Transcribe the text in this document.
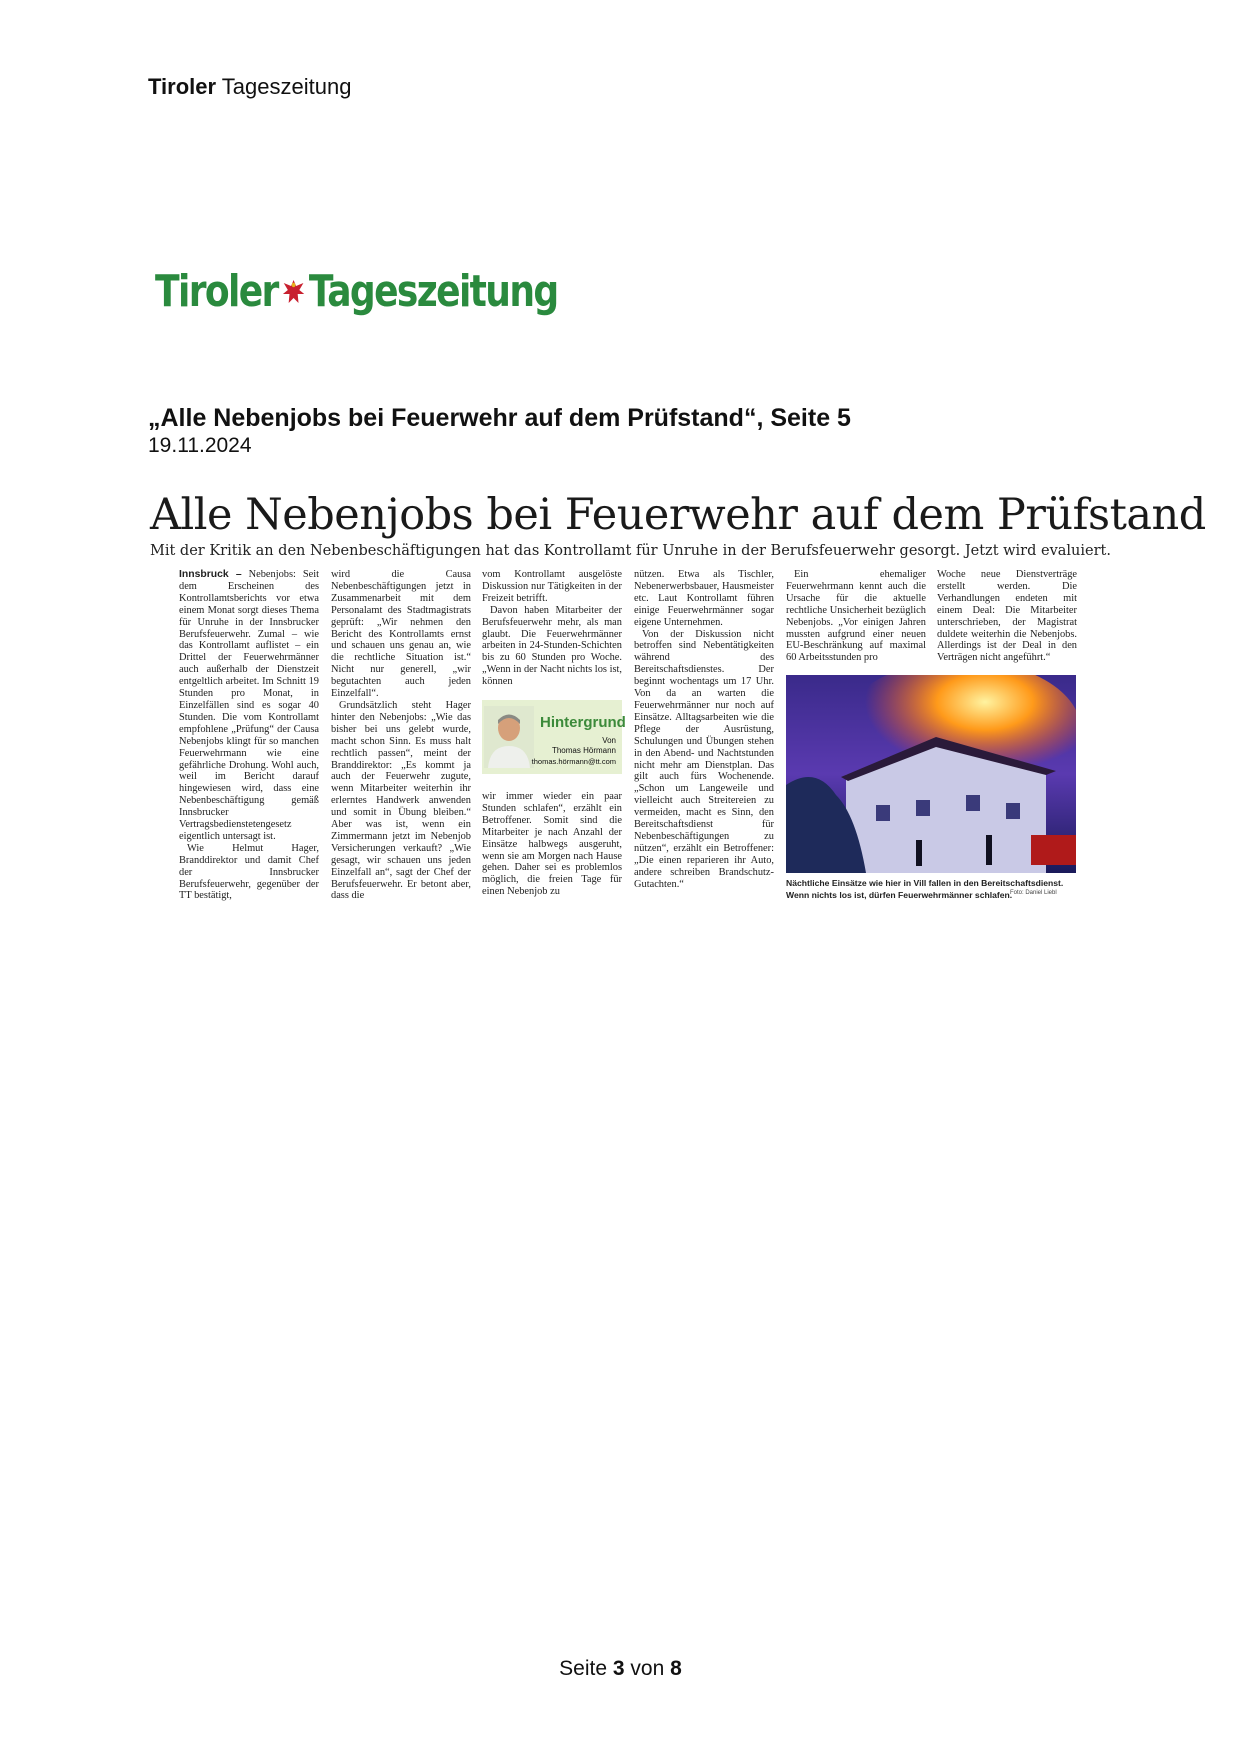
Tiroler Tageszeitung
Tiroler Tageszeitung
„Alle Nebenjobs bei Feuerwehr auf dem Prüfstand“, Seite 5
19.11.2024
Alle Nebenjobs bei Feuerwehr auf dem Prüfstand
Mit der Kritik an den Nebenbeschäftigungen hat das Kontrollamt für Unruhe in der Berufsfeuerwehr gesorgt. Jetzt wird evaluiert.

Innsbruck – Nebenjobs: Seit dem Erscheinen des Kontrollamtsberichts vor etwa einem Monat sorgt dieses Thema für Unruhe in der Innsbrucker Berufsfeuerwehr. Zumal – wie das Kontrollamt auflistet – ein Drittel der Feuerwehrmänner auch außerhalb der Dienstzeit entgeltlich arbeitet. Im Schnitt 19 Stunden pro Monat, in Einzelfällen sind es sogar 40 Stunden. Die vom Kontrollamt empfohlene „Prüfung“ der Causa Nebenjobs klingt für so manchen Feuerwehrmann wie eine gefährliche Drohung. Wohl auch, weil im Bericht darauf hingewiesen wird, dass eine Nebenbeschäftigung gemäß Innsbrucker Vertragsbedienstetengesetz eigentlich untersagt ist.

Wie Helmut Hager, Branddirektor und damit Chef der Innsbrucker Berufsfeuerwehr, gegenüber der TT bestätigt,

wird die Causa Nebenbeschäftigungen jetzt in Zusammenarbeit mit dem Personalamt des Stadtmagistrats geprüft: „Wir nehmen den Bericht des Kontrollamts ernst und schauen uns genau an, wie die rechtliche Situation ist.“ Nicht nur generell, „wir begutachten auch jeden Einzelfall“.

Grundsätzlich steht Hager hinter den Nebenjobs: „Wie das bisher bei uns gelebt wurde, macht schon Sinn. Es muss halt rechtlich passen“, meint der Branddirektor: „Es kommt ja auch der Feuerwehr zugute, wenn Mitarbeiter weiterhin ihr erlerntes Handwerk anwenden und somit in Übung bleiben.“ Aber was ist, wenn ein Zimmermann jetzt im Nebenjob Versicherungen verkauft? „Wie gesagt, wir schauen uns jeden Einzelfall an“, sagt der Chef der Berufsfeuerwehr. Er betont aber, dass die

vom Kontrollamt ausgelöste Diskussion nur Tätigkeiten in der Freizeit betrifft.

Davon haben Mitarbeiter der Berufsfeuerwehr mehr, als man glaubt. Die Feuerwehrmänner arbeiten in 24-Stunden-Schichten bis zu 60 Stunden pro Woche. „Wenn in der Nacht nichts los ist, können

Hintergrund
Von
Thomas Hörmann
thomas.hörmann@tt.com

wir immer wieder ein paar Stunden schlafen“, erzählt ein Betroffener. Somit sind die Mitarbeiter je nach Anzahl der Einsätze halbwegs ausgeruht, wenn sie am Morgen nach Hause gehen. Daher sei es problemlos möglich, die freien Tage für einen Nebenjob zu

nützen. Etwa als Tischler, Nebenerwerbsbauer, Hausmeister etc. Laut Kontrollamt führen einige Feuerwehrmänner sogar eigene Unternehmen.

Von der Diskussion nicht betroffen sind Nebentätigkeiten während des Bereitschaftsdienstes. Der beginnt wochentags um 17 Uhr. Von da an warten die Feuerwehrmänner nur noch auf Einsätze. Alltagsarbeiten wie die Pflege der Ausrüstung, Schulungen und Übungen stehen in den Abend- und Nachtstunden nicht mehr am Dienstplan. Das gilt auch fürs Wochenende. „Schon um Langeweile und vielleicht auch Streitereien zu vermeiden, macht es Sinn, den Bereitschaftsdienst für Nebenbeschäftigungen zu nützen“, erzählt ein Betroffener: „Die einen reparieren ihr Auto, andere schreiben Brandschutz-Gutachten.“

Ein ehemaliger Feuerwehrmann kennt auch die Ursache für die aktuelle rechtliche Unsicherheit bezüglich Nebenjobs. „Vor einigen Jahren mussten aufgrund einer neuen EU-Beschränkung auf maximal 60 Arbeitsstunden pro

Woche neue Dienstverträge erstellt werden. Die Verhandlungen endeten mit einem Deal: Die Mitarbeiter unterschrieben, der Magistrat duldete weiterhin die Nebenjobs. Allerdings ist der Deal in den Verträgen nicht angeführt.“

Nächtliche Einsätze wie hier in Vill fallen in den Bereitschaftsdienst. Wenn nichts los ist, dürfen Feuerwehrmänner schlafen.
Foto: Daniel Liebl
Seite 3 von 8
